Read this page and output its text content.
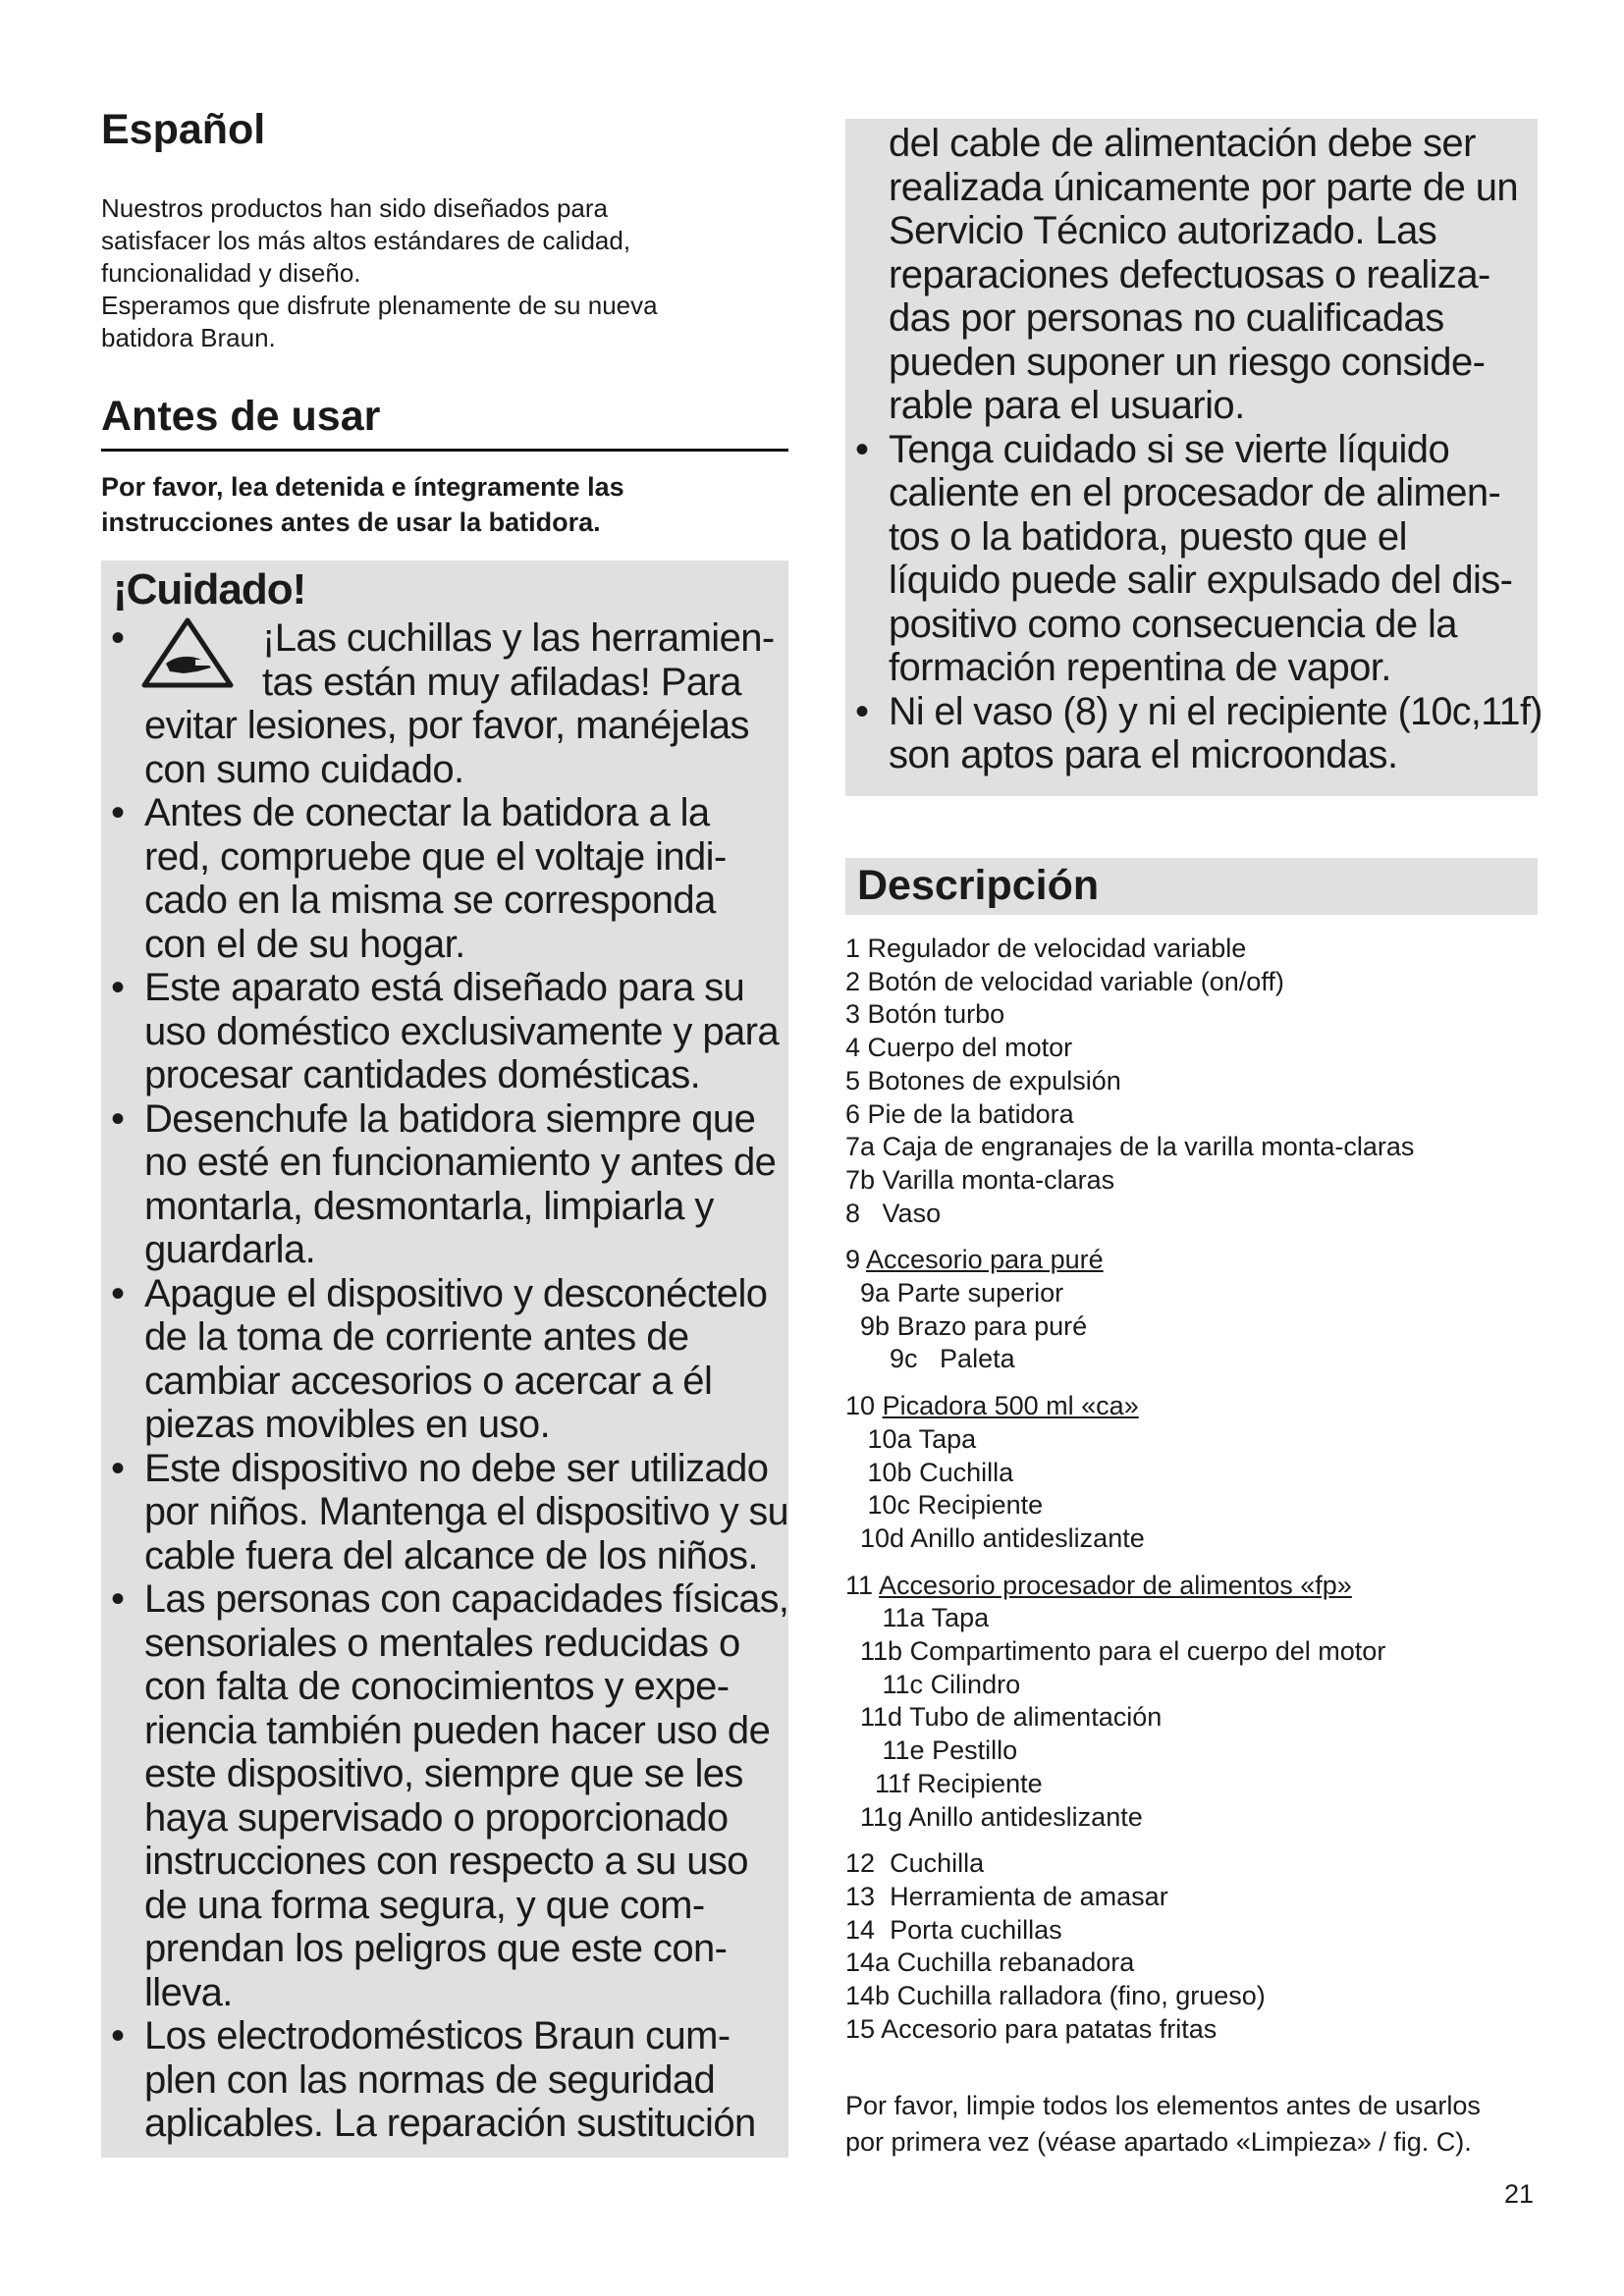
Español

Nuestros productos han sido diseñados para

satisfacer los más altos estándares de calidad,

funcionalidad y diseño.

Esperamos que disfrute plenamente de su nueva

batidora Braun.

Antes de usar
Por favor, lea detenida e íntegramente las
instrucciones antes de usar la batidora.
¡Cuidado!
•	¡Las cuchillas y las herramien-
tas están muy afiladas! Para
evitar lesiones, por favor, manéjelas
con sumo cuidado.
• Antes de conectar la batidora a la
red, compruebe que el voltaje indi-
cado en la misma se corresponda
con el de su hogar.
• Este aparato está diseñado para su
uso doméstico exclusivamente y para
procesar cantidades domésticas.
• Desenchufe la batidora siempre que
no esté en funcionamiento y antes de
montarla, desmontarla, limpiarla y
guardarla.
• Apague el dispositivo y desconéctelo
de la toma de corriente antes de
cambiar accesorios o acercar a él
piezas movibles en uso.
• Este dispositivo no debe ser utilizado
por niños. Mantenga el dispositivo y su
cable fuera del alcance de los niños.
• Las personas con capacidades físicas,
sensoriales o mentales reducidas o
con falta de conocimientos y expe-
riencia también pueden hacer uso de
este dispositivo, siempre que se les
haya supervisado o proporcionado
instrucciones con respecto a su uso
de una forma segura, y que com-
prendan los peligros que este con-
lleva.
• Los electrodomésticos Braun cum-
plen con las normas de seguridad
aplicables. La reparación sustitución
del cable de alimentación debe ser
realizada únicamente por parte de un
Servicio Técnico autorizado. Las
reparaciones defectuosas o realiza-
das por personas no cualificadas
pueden suponer un riesgo conside-
rable para el usuario.
• Tenga cuidado si se vierte líquido
caliente en el procesador de alimen-
tos o la batidora, puesto que el
líquido puede salir expulsado del dis-
positivo como consecuencia de la
formación repentina de vapor.
• Ni el vaso (8) y ni el recipiente (10c,11f)
son aptos para el microondas.
Descripción
1 Regulador de velocidad variable
2 Botón de velocidad variable (on/off)
3 Botón turbo
4 Cuerpo del motor
5 Botones de expulsión
6 Pie de la batidora
7a Caja de engranajes de la varilla monta-claras
7b Varilla monta-claras
8   Vaso
9 Accesorio para puré
9a Parte superior
9b Brazo para puré
9c   Paleta
10 Picadora 500 ml «ca»
10a Tapa
10b Cuchilla
10c Recipiente
10d Anillo antideslizante
11 Accesorio procesador de alimentos «fp»
11a Tapa
11b Compartimento para el cuerpo del motor
11c Cilindro
11d Tubo de alimentación
11e Pestillo
11f Recipiente
11g Anillo antideslizante
12  Cuchilla
13  Herramienta de amasar
14  Porta cuchillas
14a Cuchilla rebanadora
14b Cuchilla ralladora (fino, grueso)
15 Accesorio para patatas fritas
Por favor, limpie todos los elementos antes de usarlos
por primera vez (véase apartado «Limpieza» / fig. C).
21
